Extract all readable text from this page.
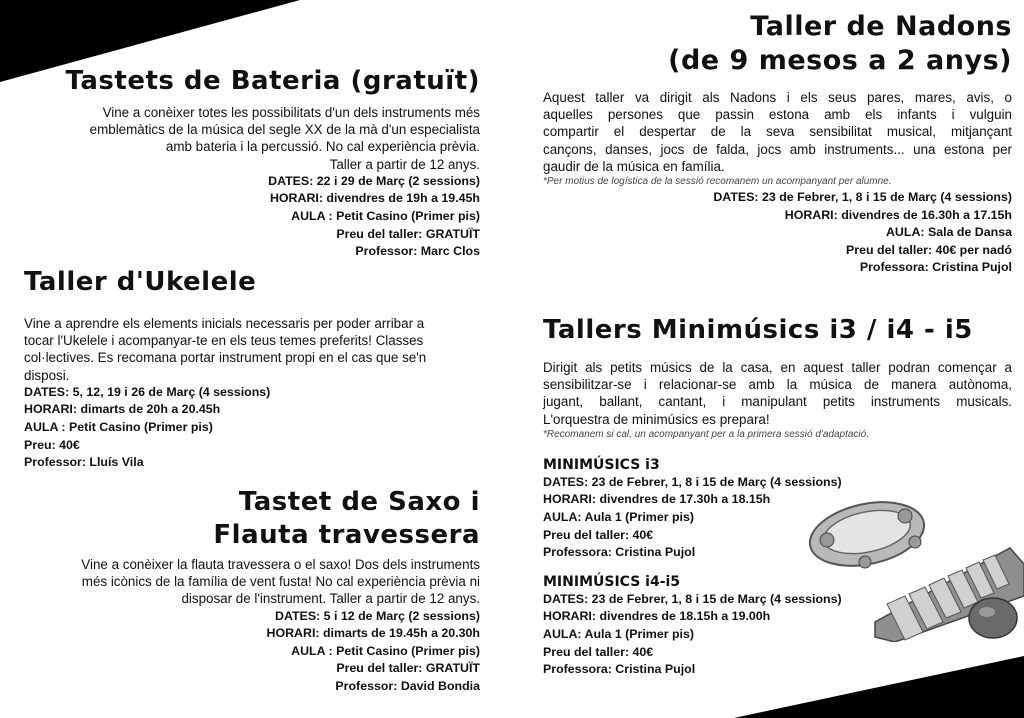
Tastets de Bateria (gratuït)

Vine a conèixer totes les possibilitats d'un dels instruments més

emblemàtics de la música del segle XX de la mà d'un especialista

amb bateria i la percussió. No cal experiència prèvia.

Taller a partir de 12 anys.

DATES: 22 i 29 de Març (2 sessions)
HORARI: divendres de 19h a 19.45h
AULA : Petit Casino (Primer pis)
Preu del taller: GRATUÏT
Professor: Marc Clos
Taller d'Ukelele

Vine a aprendre els elements inicials necessaris per poder arribar a

tocar l'Ukelele i acompanyar-te en els teus temes preferits! Classes

col·lectives. Es recomana portar instrument propi en el cas que se'n

disposi.

DATES: 5, 12, 19 i 26 de Març (4 sessions)
HORARI: dimarts de 20h a 20.45h
AULA : Petit Casino (Primer pis)
Preu: 40€
Professor: Lluís Vila
Tastet de Saxo i
Flauta travessera

Vine a conèixer la flauta travessera o el saxo! Dos dels instruments

més icònics de la família de vent fusta! No cal experiència prèvia ni

disposar de l'instrument. Taller a partir de 12 anys.

DATES: 5 i 12 de Març (2 sessions)
HORARI: dimarts de 19.45h a 20.30h
AULA : Petit Casino (Primer pis)
Preu del taller: GRATUÏT
Professor: David Bondia
Taller de Nadons
(de 9 mesos a 2 anys)

Aquest taller va dirigit als Nadons i els seus pares, mares, avis, o

aquelles persones que passin estona amb els infants i vulguin

compartir el despertar de la seva sensibilitat musical, mitjançant

cançons, danses, jocs de falda, jocs amb instruments... una estona per

gaudir de la música en família.

*Per motius de logística de la sessió recomanem un acompanyant per alumne.

DATES: 23 de Febrer, 1, 8 i 15 de Març (4 sessions)
HORARI: divendres de 16.30h a 17.15h
AULA: Sala de Dansa
Preu del taller: 40€ per nadó
Professora: Cristina Pujol
Tallers Minimúsics i3 / i4 - i5

Dirigit als petits músics de la casa, en aquest taller podran començar a

sensibilitzar-se i relacionar-se amb la música de manera autònoma,

jugant, ballant, cantant, i manipulant petits instruments musicals.

L'orquestra de minimúsics es prepara!

*Recomanem si cal, un acompanyant per a la primera sessió d'adaptació.

MINIMÚSICS i3

DATES: 23 de Febrer, 1, 8 i 15 de Març (4 sessions)
HORARI: divendres de 17.30h a 18.15h
AULA: Aula 1 (Primer pis)
Preu del taller: 40€
Professora: Cristina Pujol

MINIMÚSICS i4-i5

DATES: 23 de Febrer, 1, 8 i 15 de Març (4 sessions)
HORARI: divendres de 18.15h a 19.00h
AULA: Aula 1 (Primer pis)
Preu del taller: 40€
Professora: Cristina Pujol
